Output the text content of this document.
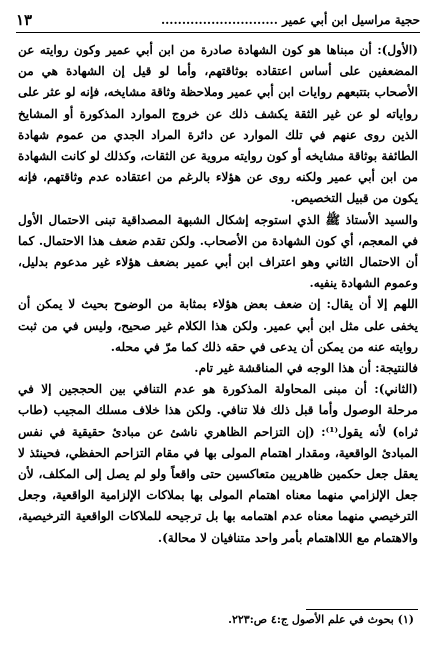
حجية مراسيل ابن أبي عمير ............................
١٣

(الأول): أن مبناها هو كون الشهادة صادرة من ابن أبي عمير وكون روايته عن المضعفين على أساس اعتقاده بوثاقتهم، وأما لو قيل إن الشهادة هي من الأصحاب بتتبعهم روايات ابن أبي عمير وملاحظة وثاقة مشايخه، فإنه لو عثر على رواياته لو عن غير الثقة يكشف ذلك عن خروج الموارد المذكورة أو المشايخ الذين روى عنهم في تلك الموارد عن دائرة المراد الجدي من عموم شهادة الطائفة بوثاقة مشايخه أو كون روايته مروية عن الثقات، وكذلك لو كانت الشهادة من ابن أبي عمير ولكنه روى عن هؤلاء بالرغم من اعتقاده عدم وثاقتهم، فإنه يكون من قبيل التخصيص.

والسيد الأستاذ ﷺ الذي استوجه إشكال الشبهة المصداقية تبنى الاحتمال الأول في المعجم، أي كون الشهادة من الأصحاب. ولكن تقدم ضعف هذا الاحتمال. كما أن الاحتمال الثاني وهو اعتراف ابن أبي عمير بضعف هؤلاء غير مدعوم بدليل، وعموم الشهادة ينفيه.

اللهم إلا أن يقال: إن ضعف بعض هؤلاء بمثابة من الوضوح بحيث لا يمكن أن يخفى على مثل ابن أبي عمير. ولكن هذا الكلام غير صحيح، وليس في من ثبت روايته عنه من يمكن أن يدعى في حقه ذلك كما مرّ في محله.

فالنتيجة: أن هذا الوجه في المناقشة غير تام.

(الثاني): أن مبنى المحاولة المذكورة هو عدم التنافي بين الحججين إلا في مرحلة الوصول وأما قبل ذلك فلا تنافي. ولكن هذا خلاف مسلك المجيب (طاب ثراه) لأنه يقول⁽¹⁾: (إن التزاحم الظاهري ناشئ عن مبادئ حقيقية في نفس المبادئ الواقعية، ومقدار اهتمام المولى بها في مقام التزاحم الحفظي، فحينئذ لا يعقل جعل حكمين ظاهريين متعاكسين حتى واقعاً ولو لم يصل إلى المكلف، لأن جعل الإلزامي منهما معناه اهتمام المولى بها بملاكات الإلزامية الواقعية، وجعل الترخيصي منهما معناه عدم اهتمامه بها بل ترجيحه للملاكات الواقعية الترخيصية، والاهتمام مع اللااهتمام بأمر واحد متنافيان لا محالة).

(١) بحوث في علم الأصول ج:٤ ص:٢٢٣.
